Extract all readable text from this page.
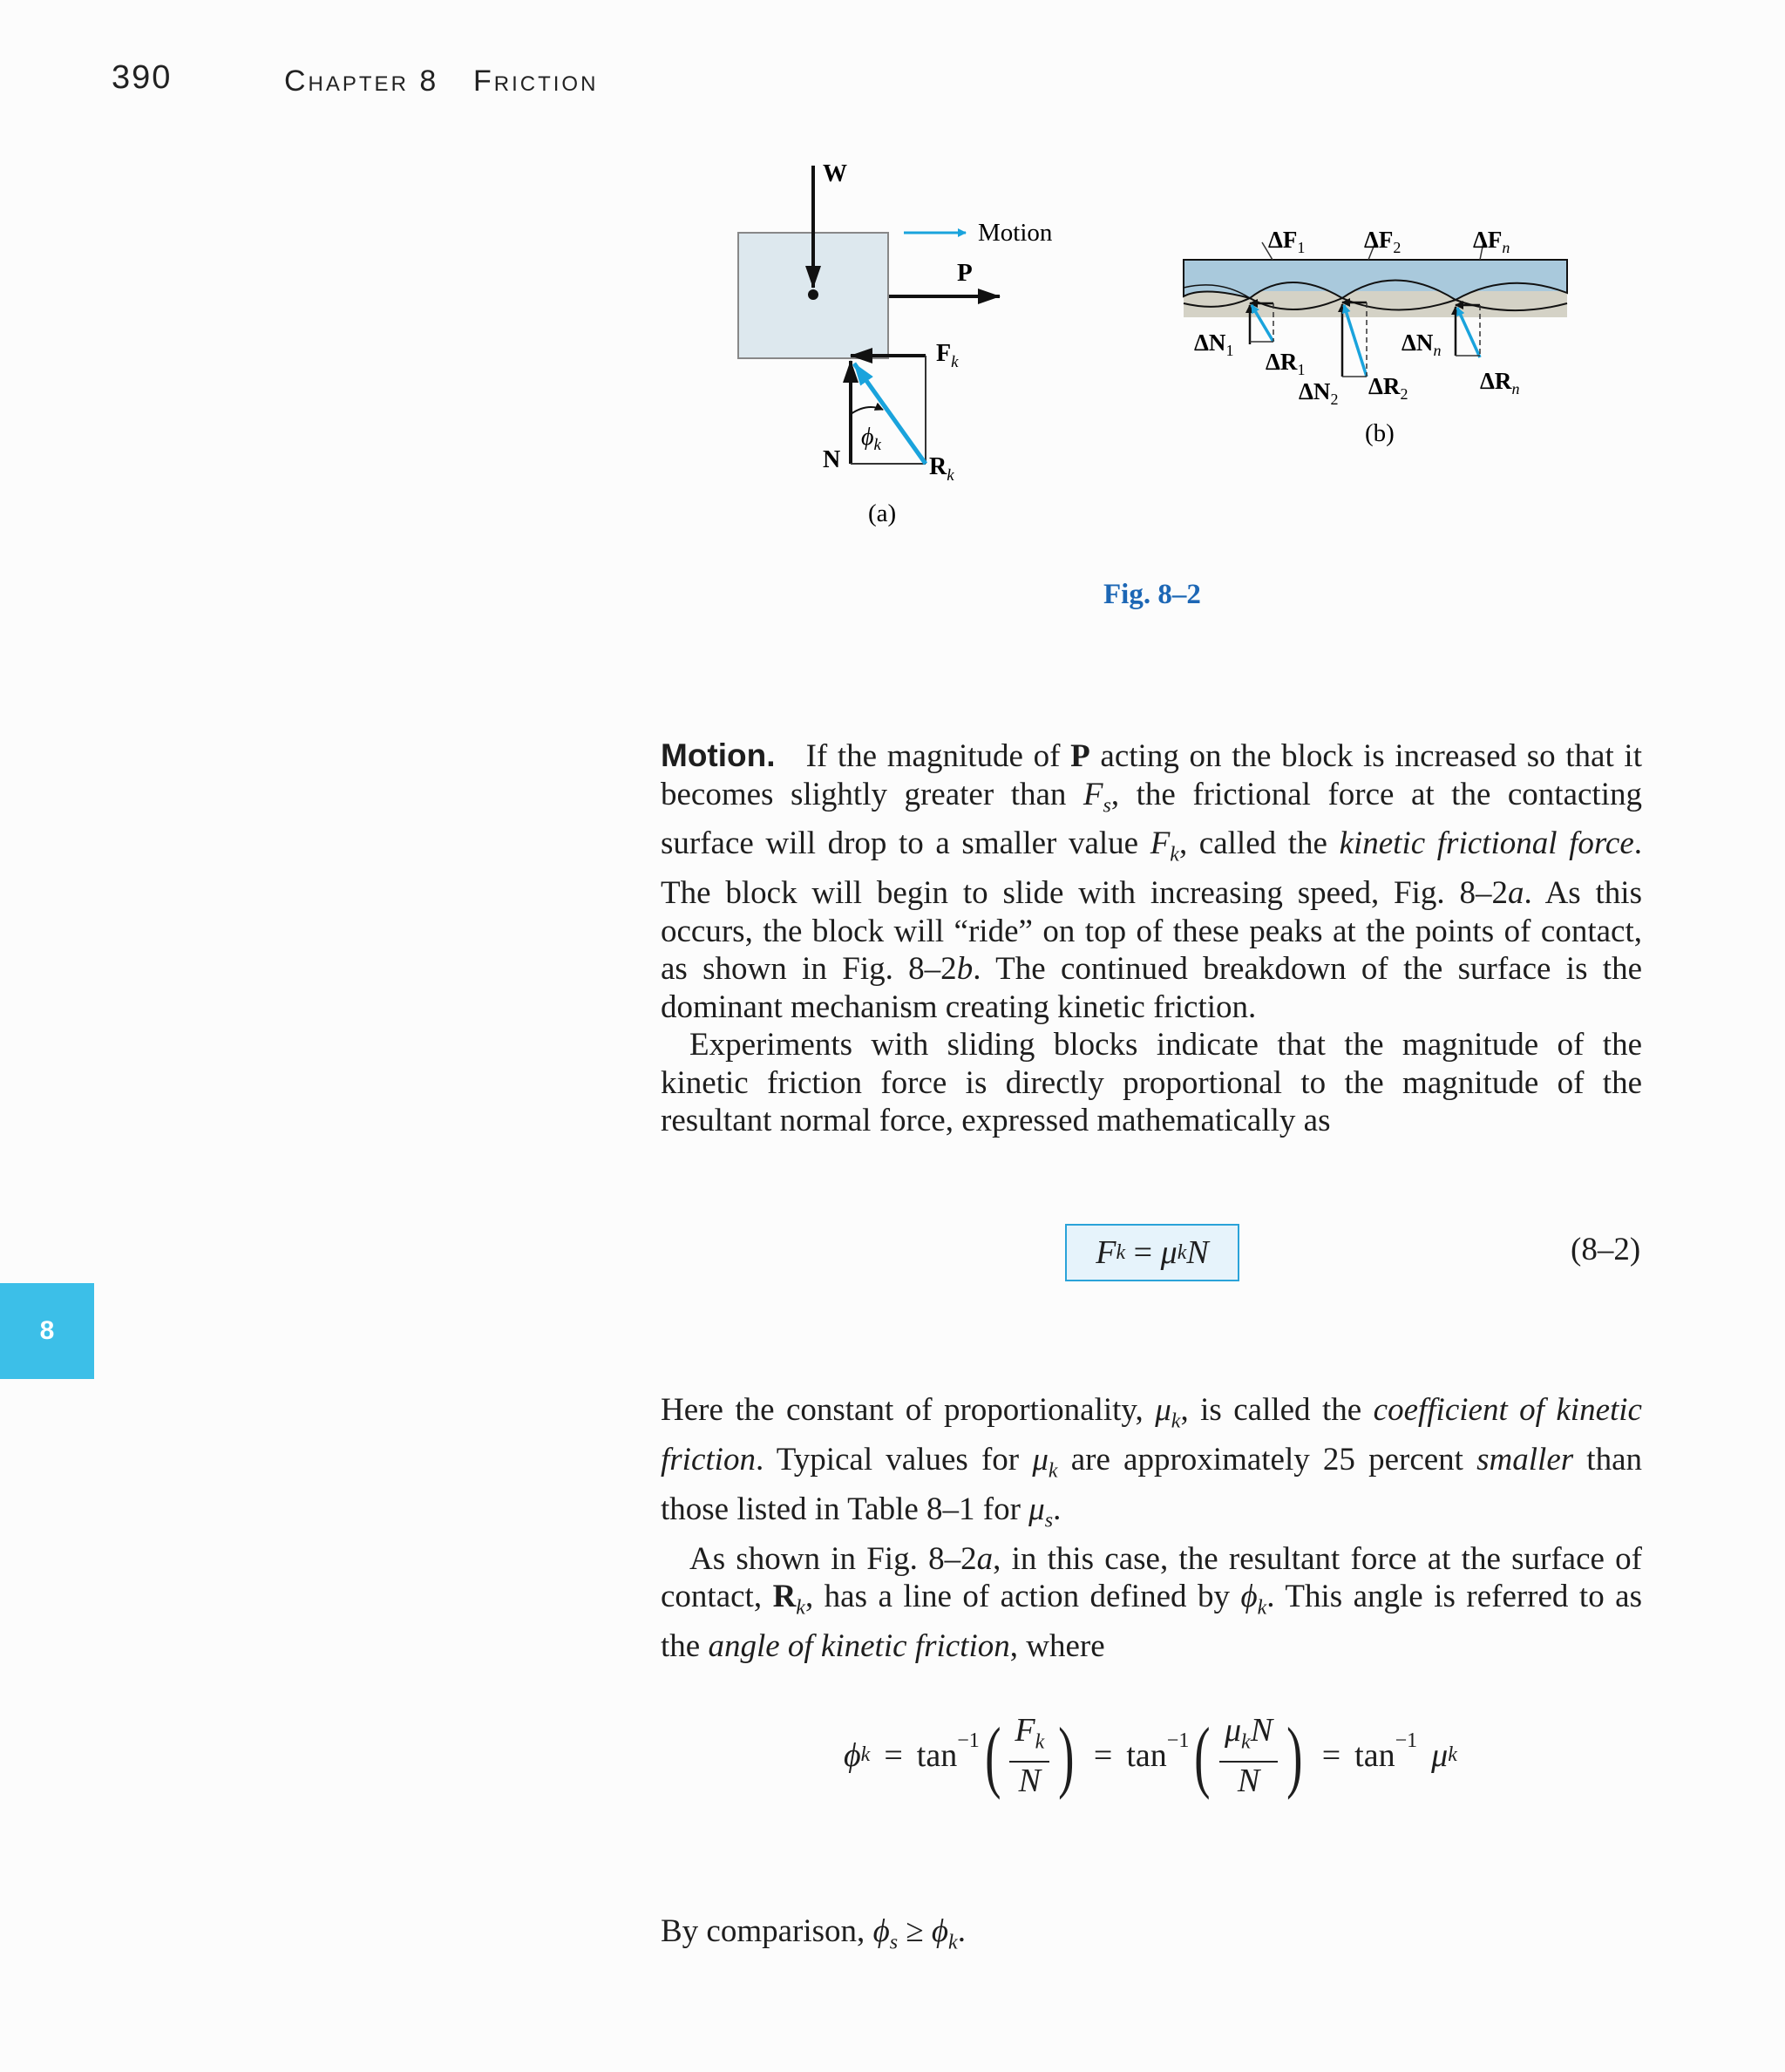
390	Chapter 8 Friction
8
W
Motion
P
$F_k$
N	$R_k$
$\phi_k$
(a)
$\Delta F_1$	$\Delta F_2$	$\Delta F_n$
$\Delta N_1$ $\Delta R_1$
$\Delta N_2$ $\Delta R_2$
$\Delta N_n$
$\Delta R_n$
(b)
Fig. 8–2

Motion. If the magnitude of P acting on the block is increased so that it becomes slightly greater than $F_s$, the frictional force at the contacting surface will drop to a smaller value $F_k$, called the kinetic frictional force. The block will begin to slide with increasing speed, Fig. 8–2a. As this occurs, the block will “ride” on top of these peaks at the points of contact, as shown in Fig. 8–2b. The continued breakdown of the surface is the dominant mechanism creating kinetic friction.

Experiments with sliding blocks indicate that the magnitude of the kinetic friction force is directly proportional to the magnitude of the resultant normal force, expressed mathematically as

F k = μ k N	(8–2)

Here the constant of proportionality, $\mu_k$, is called the coefficient of kinetic friction. Typical values for $\mu_k$ are approximately 25 percent smaller than those listed in Table 8–1 for $\mu_s$.

As shown in Fig. 8–2a, in this case, the resultant force at the surface of contact, $R_k$, has a line of action defined by $\phi_k$. This angle is referred to as the angle of kinetic friction, where

ϕ $k = \tan^{-1}$ ( $\frac{F_k}{N}$ ) = $\tan^{-1}$ ( $\frac{\mu_kN}{N}$ ) = $\tan^{-1} \mu$ k

By comparison, $\phi_s \ge \phi_k$.
